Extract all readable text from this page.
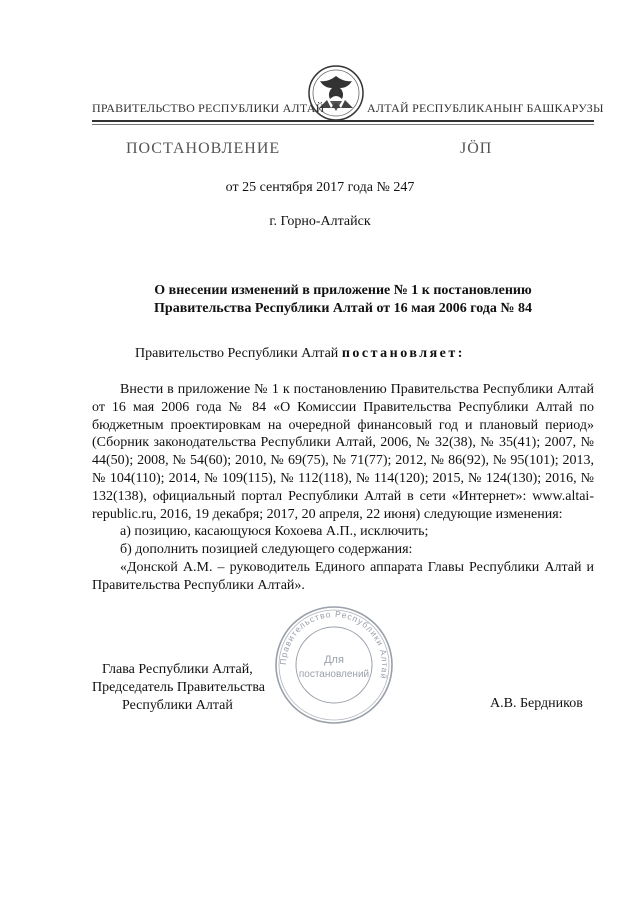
ПРАВИТЕЛЬСТВО РЕСПУБЛИКИ АЛТАЙ	АЛТАЙ РЕСПУБЛИКАНЫҤ БАШКАРУЗЫ
ПОСТАНОВЛЕНИЕ	JÖП
от 25 сентября 2017 года № 247
г. Горно-Алтайск
О внесении изменений в приложение № 1 к постановлению
Правительства Республики Алтай от 16 мая 2006 года № 84
Правительство Республики Алтай постановляет:

Внести в приложение № 1 к постановлению Правительства Республики Алтай от 16 мая 2006 года № 84 «О Комиссии Правительства Республики Алтай по бюджетным проектировкам на очередной финансовый год и плановый период» (Сборник законодательства Республики Алтай, 2006, № 32(38), № 35(41); 2007, № 44(50); 2008, № 54(60); 2010, № 69(75), № 71(77); 2012, № 86(92), № 95(101); 2013, № 104(110); 2014, № 109(115), № 112(118), № 114(120); 2015, № 124(130); 2016, № 132(138), официальный портал Республики Алтай в сети «Интернет»: www.altai-republic.ru, 2016, 19 декабря; 2017, 20 апреля, 22 июня) следующие изменения:

а) позицию, касающуюся Кохоева А.П., исключить;

б) дополнить позицией следующего содержания:

«Донской А.М. – руководитель Единого аппарата Главы Республики Алтай и Правительства Республики Алтай».

Глава Республики Алтай,
Председатель Правительства
Республики Алтай	А.В. Бердников
Правительство Республики Алтай
Для
постановлений
